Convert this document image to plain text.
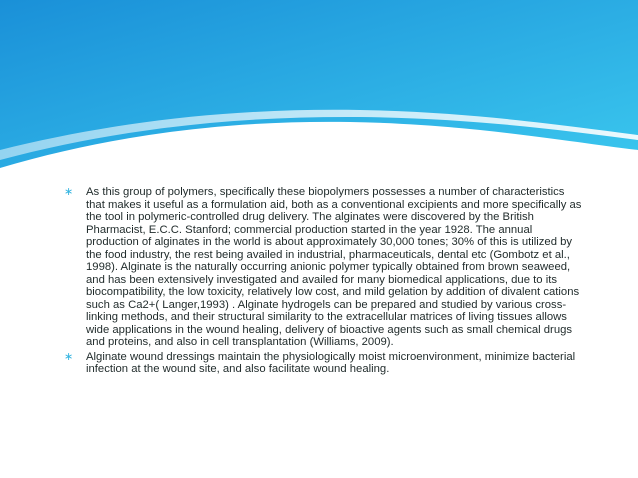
∗ As this group of polymers, specifically these biopolymers possesses a number of characteristics that makes it useful as a formulation aid, both as a conventional excipients and more specifically as the tool in polymeric-controlled drug delivery. The alginates were discovered by the British Pharmacist, E.C.C. Stanford; commercial production started in the year 1928. The annual production of alginates in the world is about approximately 30,000 tones; 30% of this is utilized by the food industry, the rest being availed in industrial, pharmaceuticals, dental etc (Gombotz et al., 1998). Alginate is the naturally occurring anionic polymer typically obtained from brown seaweed, and has been extensively investigated and availed for many biomedical applications, due to its biocompatibility, the low toxicity, relatively low cost, and mild gelation by addition of divalent cations such as Ca2+( Langer,1993) . Alginate hydrogels can be prepared and studied by various cross-linking methods, and their structural similarity to the extracellular matrices of living tissues allows wide applications in the wound healing, delivery of bioactive agents such as small chemical drugs and proteins, and also in cell transplantation (Williams, 2009).
∗ Alginate wound dressings maintain the physiologically moist microenvironment, minimize bacterial infection at the wound site, and also facilitate wound healing.
